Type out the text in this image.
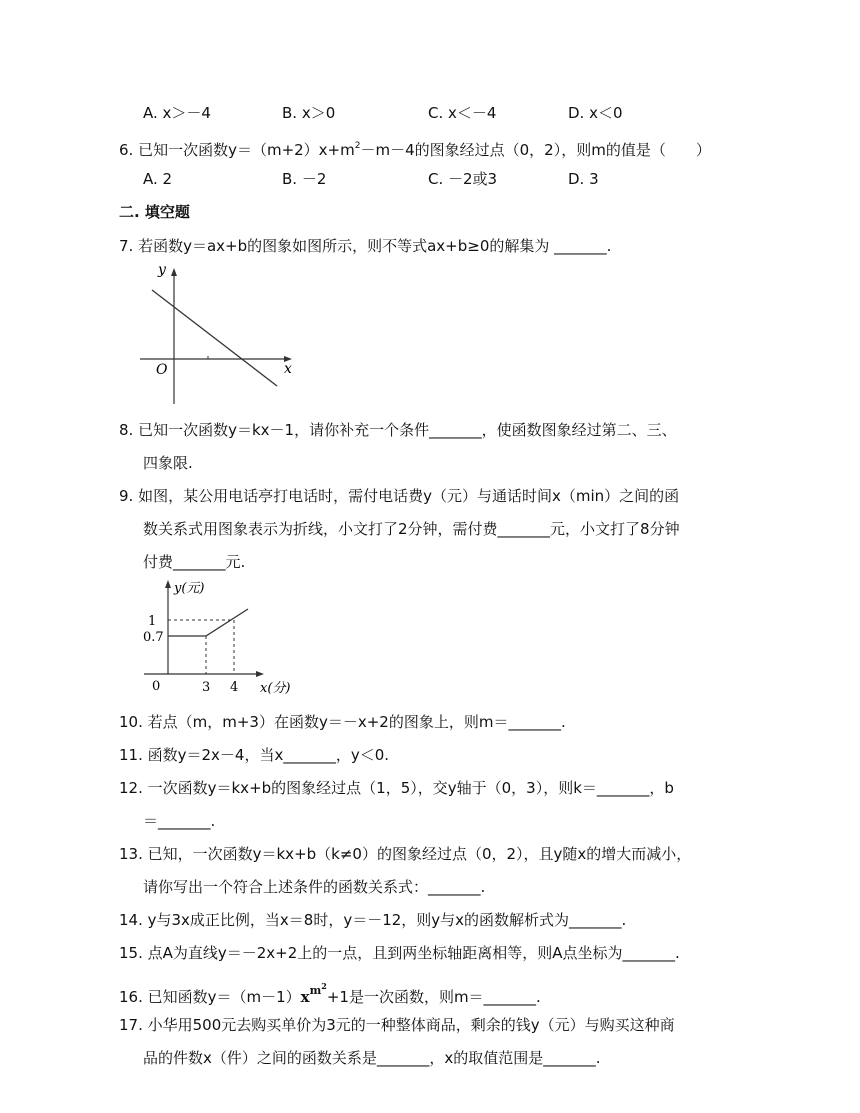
A. x＞－4	B. x＞0	C. x＜－4	D. x＜0
6. 已知一次函数$y=(m+2)x+m^2-m-4$的图象经过点（0，2），则m的值是（　　）
A. 2	B. －2	C. －2或3	D. 3
二. 填空题
7. 若函数y＝ax+b的图象如图所示，则不等式ax+b≥0的解集为 _______.
y
x
O
8. 已知一次函数y＝kx－1，请你补充一个条件_______，使函数图象经过第二、三、
四象限.
9. 如图，某公用电话亭打电话时，需付电话费y（元）与通话时间x（min）之间的函
数关系式用图象表示为折线，小文打了2分钟，需付费_______元，小文打了8分钟
付费_______元.
y(元)
x(分)
1
0.7
3 4
0
10. 若点（m，m+3）在函数y＝－x+2的图象上，则m＝_______.
11. 函数y＝2x－4，当x_______，y＜0.
12. 一次函数y＝kx+b的图象经过点（1，5），交y轴于（0，3），则k＝_______，b
＝_______.
13. 已知，一次函数y＝kx+b（k≠0）的图象经过点（0，2），且y随x的增大而减小，
请你写出一个符合上述条件的函数关系式：_______.
14. y与3x成正比例，当x＝8时，y＝－12，则y与x的函数解析式为_______.
15. 点A为直线y＝－2x+2上的一点，且到两坐标轴距离相等，则A点坐标为_______.
16. 已知函数$y=(m-1)x^{m^2}+1$是一次函数，则m＝_______.
17. 小华用500元去购买单价为3元的一种整体商品，剩余的钱y（元）与购买这种商
品的件数x（件）之间的函数关系是_______，x的取值范围是_______.
